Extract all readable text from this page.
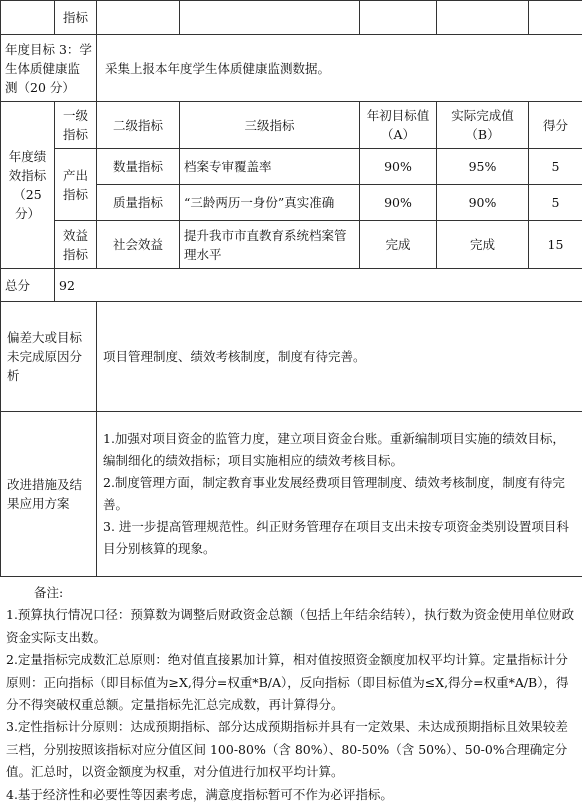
	指标					
年度目标 3：学生体质健康监测（20 分）		采集上报本年度学生体质健康监测数据。				
年度绩效指标（25分）	一级指标	二级指标	三级指标	年初目标值（A）	实际完成值（B）	得分
	产出指标	数量指标	档案专审覆盖率	90%	95%	5
		质量指标	“三龄两历一身份”真实准确	90%	90%	5
	效益指标	社会效益	提升我市市直教育系统档案管理水平	完成	完成	15
总分	92					
偏差大或目标未完成原因分析		项目管理制度、绩效考核制度，制度有待完善。				
改进措施及结果应用方案		1.加强对项目资金的监管力度，建立项目资金台账。重新编制项目实施的绩效目标，编制细化的绩效指标；项目实施相应的绩效考核目标。
2.制度管理方面，制定教育事业发展经费项目管理制度、绩效考核制度，制度有待完善。
3. 进一步提高管理规范性。纠正财务管理存在项目支出未按专项资金类别设置项目科目分别核算的现象。				

备注:

1.预算执行情况口径：预算数为调整后财政资金总额（包括上年结余结转），执行数为资金使用单位财政资金实际支出数。

2.定量指标完成数汇总原则：绝对值直接累加计算，相对值按照资金额度加权平均计算。定量指标计分原则：正向指标（即目标值为≥X,得分=权重*B/A），反向指标（即目标值为≤X,得分=权重*A/B），得分不得突破权重总额。定量指标先汇总完成数，再计算得分。

3.定性指标计分原则：达成预期指标、部分达成预期指标并具有一定效果、未达成预期指标且效果较差三档，分别按照该指标对应分值区间 100-80%（含 80%）、80-50%（含 50%）、50-0%合理确定分值。汇总时，以资金额度为权重，对分值进行加权平均计算。

4.基于经济性和必要性等因素考虑，满意度指标暂可不作为必评指标。
